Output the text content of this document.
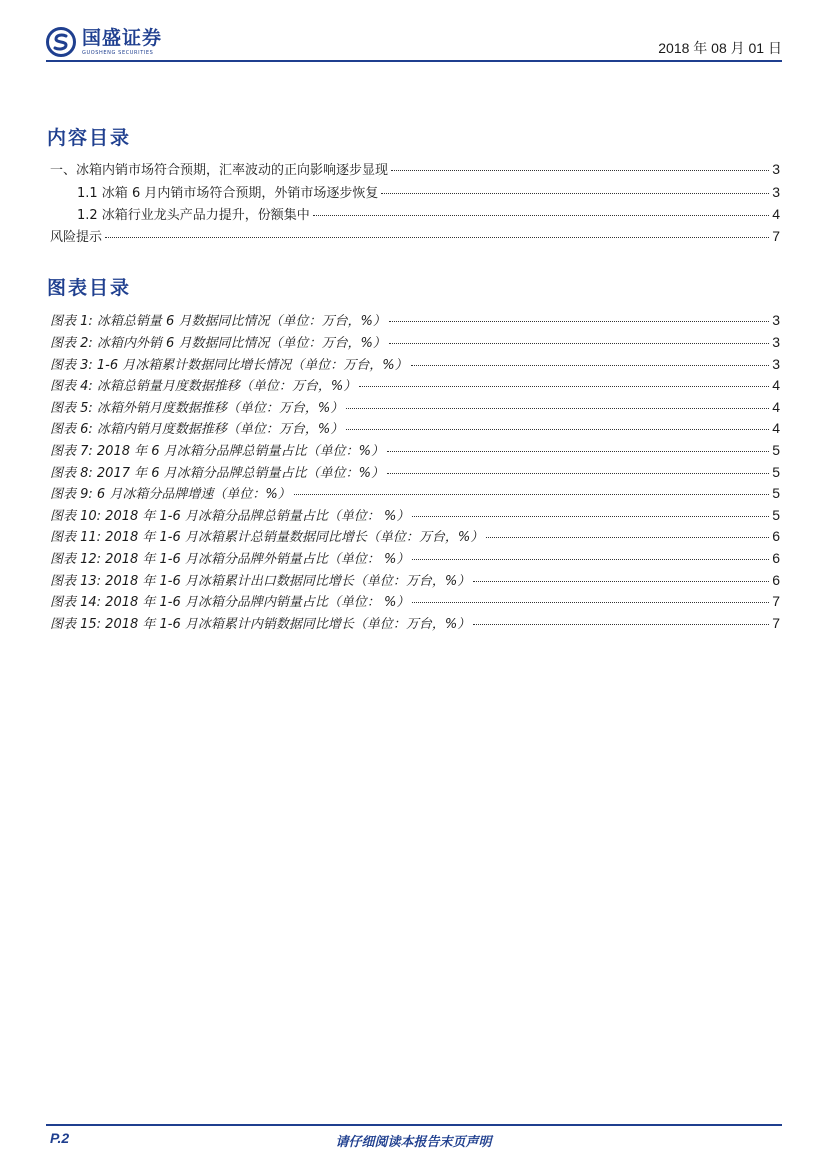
国盛证券
GUOSHENG SECURITIES	2018 年 08 月 01 日
内容目录
一、冰箱内销市场符合预期，汇率波动的正向影响逐步显现	3
1.1 冰箱 6 月内销市场符合预期，外销市场逐步恢复	3
1.2 冰箱行业龙头产品力提升，份额集中	4
风险提示	7
图表目录
图表 1: 冰箱总销量 6 月数据同比情况（单位：万台，%）	3
图表 2: 冰箱内外销 6 月数据同比情况（单位：万台，%）	3
图表 3: 1-6 月冰箱累计数据同比增长情况（单位：万台，%）	3
图表 4: 冰箱总销量月度数据推移（单位：万台，%）	4
图表 5: 冰箱外销月度数据推移（单位：万台，%）	4
图表 6: 冰箱内销月度数据推移（单位：万台，%）	4
图表 7: 2018 年 6 月冰箱分品牌总销量占比（单位：%）	5
图表 8: 2017 年 6 月冰箱分品牌总销量占比（单位：%）	5
图表 9: 6 月冰箱分品牌增速（单位：%）	5
图表 10: 2018 年 1-6 月冰箱分品牌总销量占比（单位： %）	5
图表 11: 2018 年 1-6 月冰箱累计总销量数据同比增长（单位：万台，%）	6
图表 12: 2018 年 1-6 月冰箱分品牌外销量占比（单位： %）	6
图表 13: 2018 年 1-6 月冰箱累计出口数据同比增长（单位：万台，%）	6
图表 14: 2018 年 1-6 月冰箱分品牌内销量占比（单位： %）	7
图表 15: 2018 年 1-6 月冰箱累计内销数据同比增长（单位：万台，%）	7
P.2	请仔细阅读本报告末页声明
